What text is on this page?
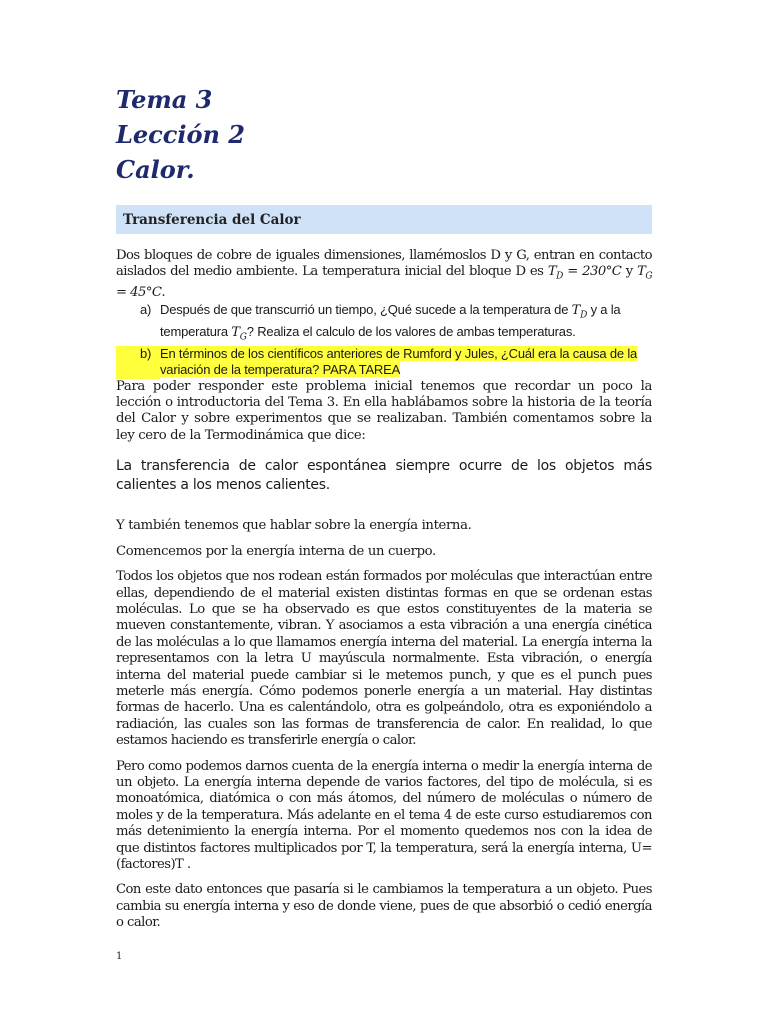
Tema 3
Lección 2
Calor.
Transferencia del Calor

Dos bloques de cobre de iguales dimensiones, llamémoslos D y G, entran en contacto aislados del medio ambiente. La temperatura inicial del bloque D es $T_D = 230^\circ C$ y $T_G = 45^\circ C$.

a) Después de que transcurrió un tiempo, ¿Qué sucede a la temperatura de $T_D$ y a la temperatura $T_G$? Realiza el calculo de los valores de ambas temperaturas.
b) En términos de los científicos anteriores de Rumford y Jules, ¿Cuál era la causa de la variación de la temperatura? PARA TAREA

Para poder responder este problema inicial tenemos que recordar un poco la lección o introductoria del Tema 3. En ella hablábamos sobre la historia de la teoría del Calor y sobre experimentos que se realizaban. También comentamos sobre la ley cero de la Termodinámica que dice:

La transferencia de calor espontánea siempre ocurre de los objetos más calientes a los menos calientes.

Y también tenemos que hablar sobre la energía interna.

Comencemos por la energía interna de un cuerpo.

Todos los objetos que nos rodean están formados por moléculas que interactúan entre ellas, dependiendo de el material existen distintas formas en que se ordenan estas moléculas. Lo que se ha observado es que estos constituyentes de la materia se mueven constantemente, vibran. Y asociamos a esta vibración a una energía cinética de las moléculas a lo que llamamos energía interna del material. La energía interna la representamos con la letra U mayúscula normalmente. Esta vibración, o energía interna del material puede cambiar si le metemos punch, y que es el punch pues meterle más energía. Cómo podemos ponerle energía a un material. Hay distintas formas de hacerlo. Una es calentándolo, otra es golpeándolo, otra es exponiéndolo a radiación, las cuales son las formas de transferencia de calor. En realidad, lo que estamos haciendo es transferirle energía o calor.

Pero como podemos darnos cuenta de la energía interna o medir la energía interna de un objeto. La energía interna depende de varios factores, del tipo de molécula, si es monoatómica, diatómica o con más átomos, del número de moléculas o número de moles y de la temperatura. Más adelante en el tema 4 de este curso estudiaremos con más detenimiento la energía interna. Por el momento quedemos nos con la idea de que distintos factores multiplicados por T, la temperatura, será la energía interna, U=(factores)T .

Con este dato entonces que pasaría si le cambiamos la temperatura a un objeto. Pues cambia su energía interna y eso de donde viene, pues de que absorbió o cedió energía o calor.

1
